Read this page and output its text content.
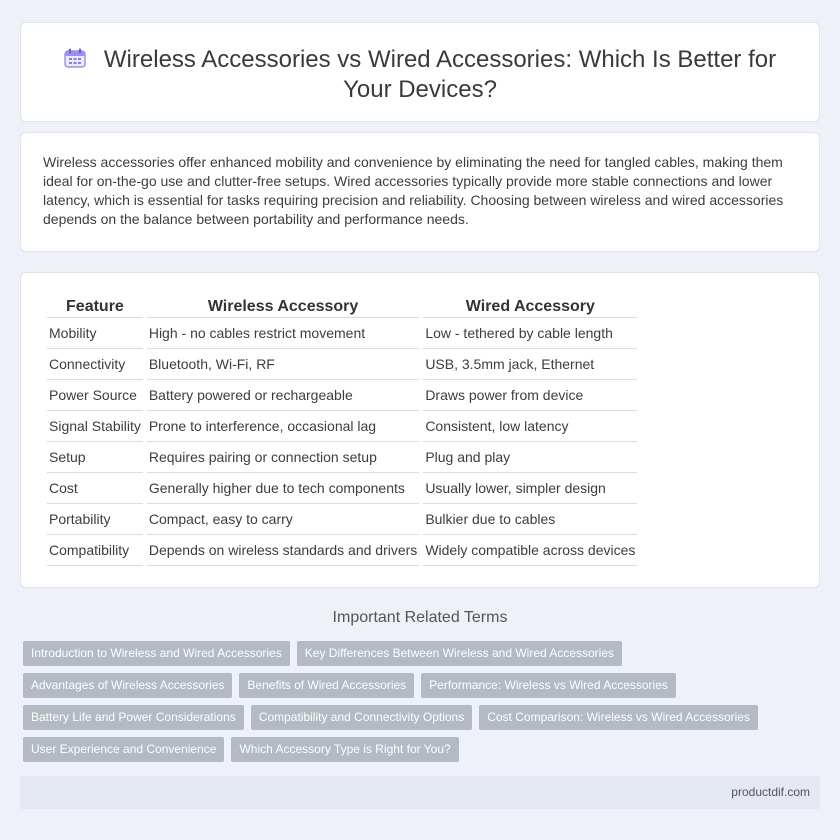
Wireless Accessories vs Wired Accessories: Which Is Better for Your Devices?

Wireless accessories offer enhanced mobility and convenience by eliminating the need for tangled cables, making them ideal for on-the-go use and clutter-free setups. Wired accessories typically provide more stable connections and lower latency, which is essential for tasks requiring precision and reliability. Choosing between wireless and wired accessories depends on the balance between portability and performance needs.

Feature	Wireless Accessory	Wired Accessory
Mobility	High - no cables restrict movement	Low - tethered by cable length
Connectivity	Bluetooth, Wi-Fi, RF	USB, 3.5mm jack, Ethernet
Power Source	Battery powered or rechargeable	Draws power from device
Signal Stability	Prone to interference, occasional lag	Consistent, low latency
Setup	Requires pairing or connection setup	Plug and play
Cost	Generally higher due to tech components	Usually lower, simpler design
Portability	Compact, easy to carry	Bulkier due to cables
Compatibility	Depends on wireless standards and drivers	Widely compatible across devices
Important Related Terms
Introduction to Wireless and Wired Accessories	Key Differences Between Wireless and Wired Accessories
Advantages of Wireless Accessories	Benefits of Wired Accessories	Performance: Wireless vs Wired Accessories
Battery Life and Power Considerations	Compatibility and Connectivity Options	Cost Comparison: Wireless vs Wired Accessories
User Experience and Convenience	Which Accessory Type is Right for You?
productdif.com
